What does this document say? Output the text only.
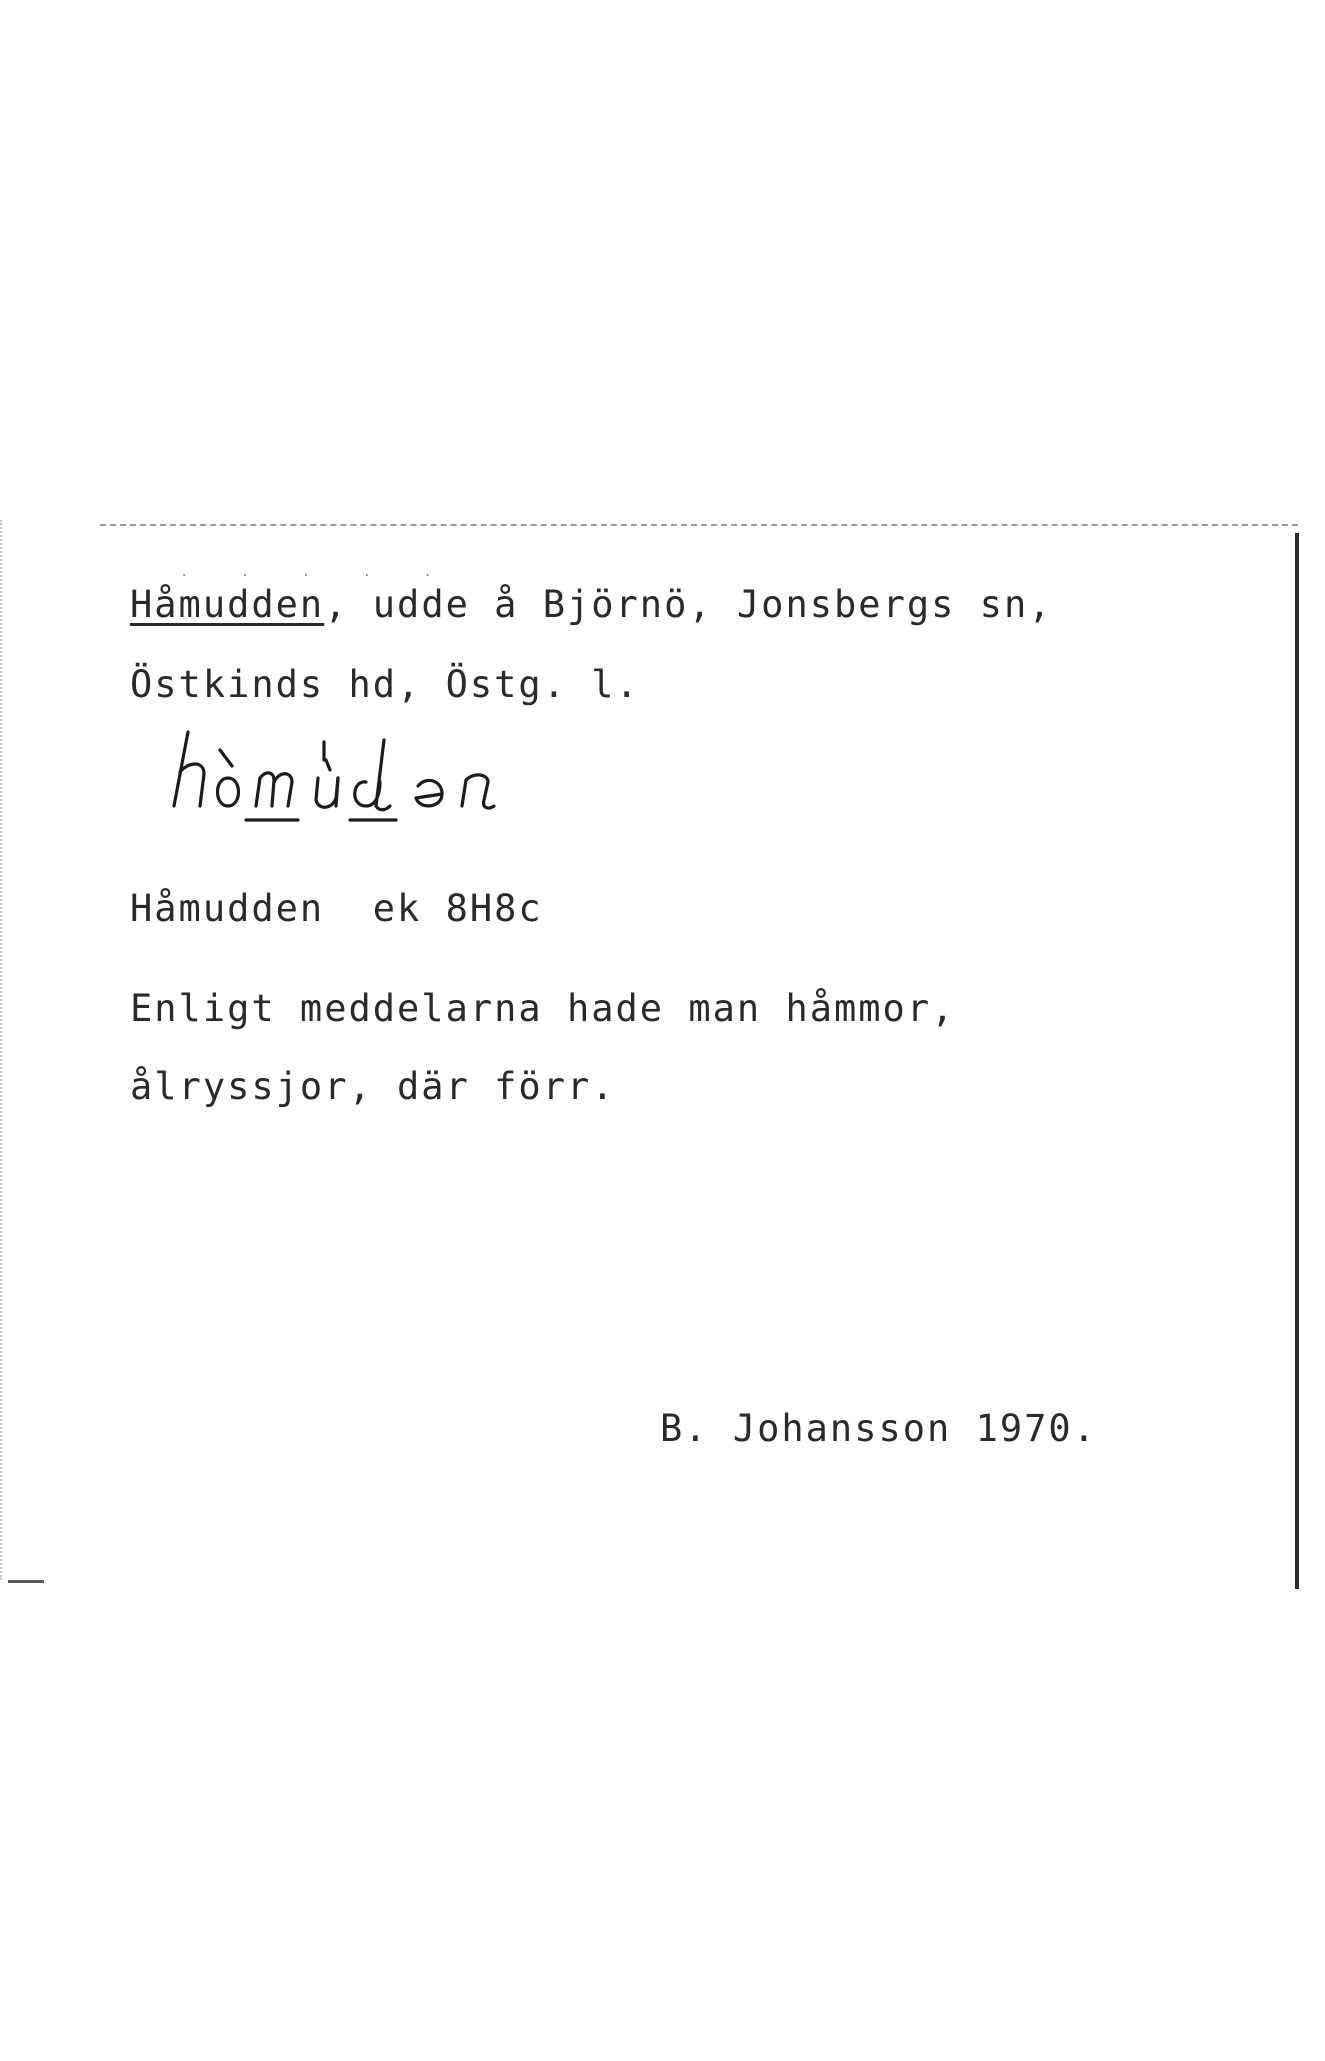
· · · · ·
Håmudden, udde å Björnö, Jonsbergs sn,
Östkinds hd, Östg. l.
Håmudden  ek 8H8c
Enligt meddelarna hade man håmmor,
ålryssjor, där förr.
B. Johansson 1970.
